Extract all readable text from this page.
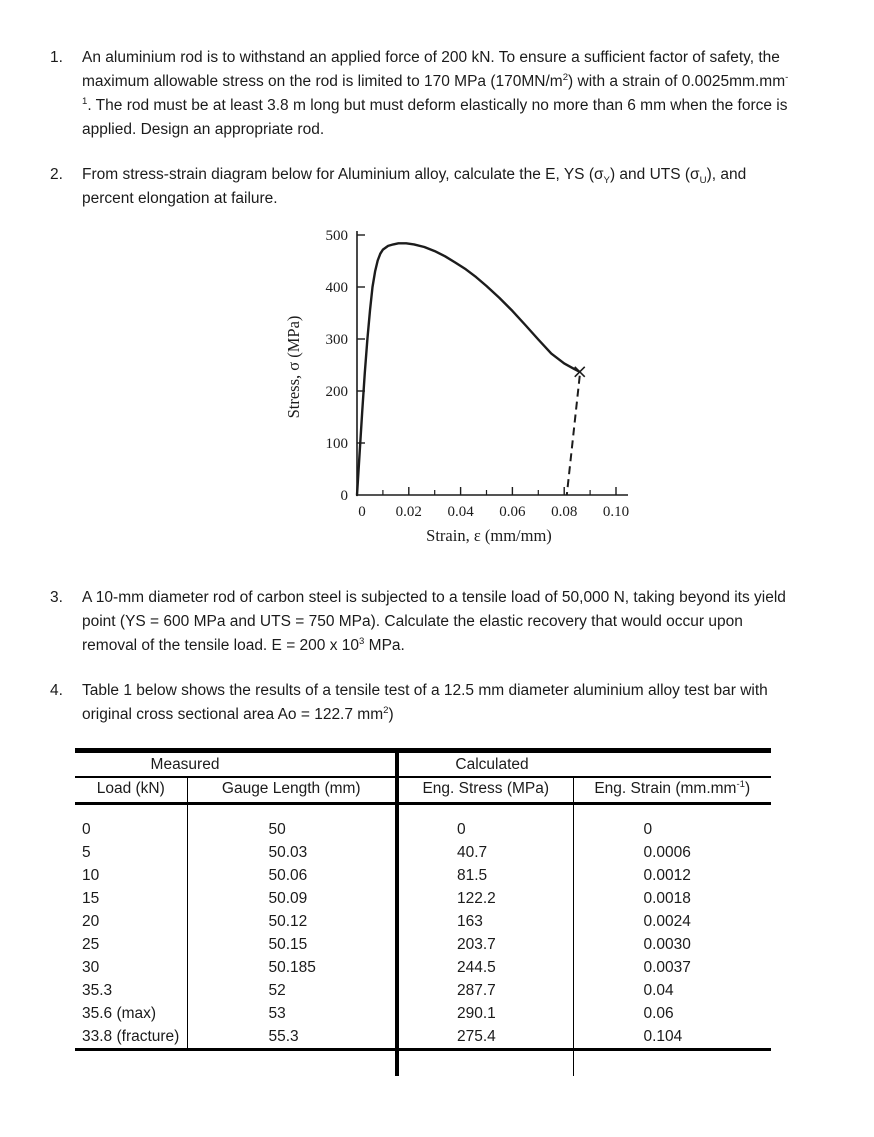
1.	An aluminium rod is to withstand an applied force of 200 kN. To ensure a sufficient factor of safety, the maximum allowable stress on the rod is limited to 170 MPa $(170MN/m^2)$ with a strain of $0.0025mm.mm^{-1}$. The rod must be at least 3.8 m long but must deform elastically no more than 6 mm when the force is applied. Design an appropriate rod.
2.	From stress-strain diagram below for Aluminium alloy, calculate the E, YS $(\sigma_Y)$ and UTS $(\sigma_U)$, and percent elongation at failure.
0
100
200
300
400
500
0 0.02 0.04 0.06 0.08 0.10
Stress, σ (MPa)
Strain, ε (mm/mm)
3.	A 10-mm diameter rod of carbon steel is subjected to a tensile load of 50,000 N, taking beyond its yield point (YS = 600 MPa and UTS = 750 MPa). Calculate the elastic recovery that would occur upon removal of the tensile load. E = 200 x $10^3$ MPa.
4.	Table 1 below shows the results of a tensile test of a 12.5 mm diameter aluminium alloy test bar with original cross sectional area Ao = 122.7 $mm^2$)
Measured		Calculated	
Load (kN)	Gauge Length (mm)	Eng. Stress (MPa)	Eng. Strain $(mm.mm^{-1})$
0	50	0	0
5	50.03	40.7	0.0006
10	50.06	81.5	0.0012
15	50.09	122.2	0.0018
20	50.12	163	0.0024
25	50.15	203.7	0.0030
30	50.185	244.5	0.0037
35.3	52	287.7	0.04
35.6 (max)	53	290.1	0.06
33.8 (fracture)	55.3	275.4	0.104
